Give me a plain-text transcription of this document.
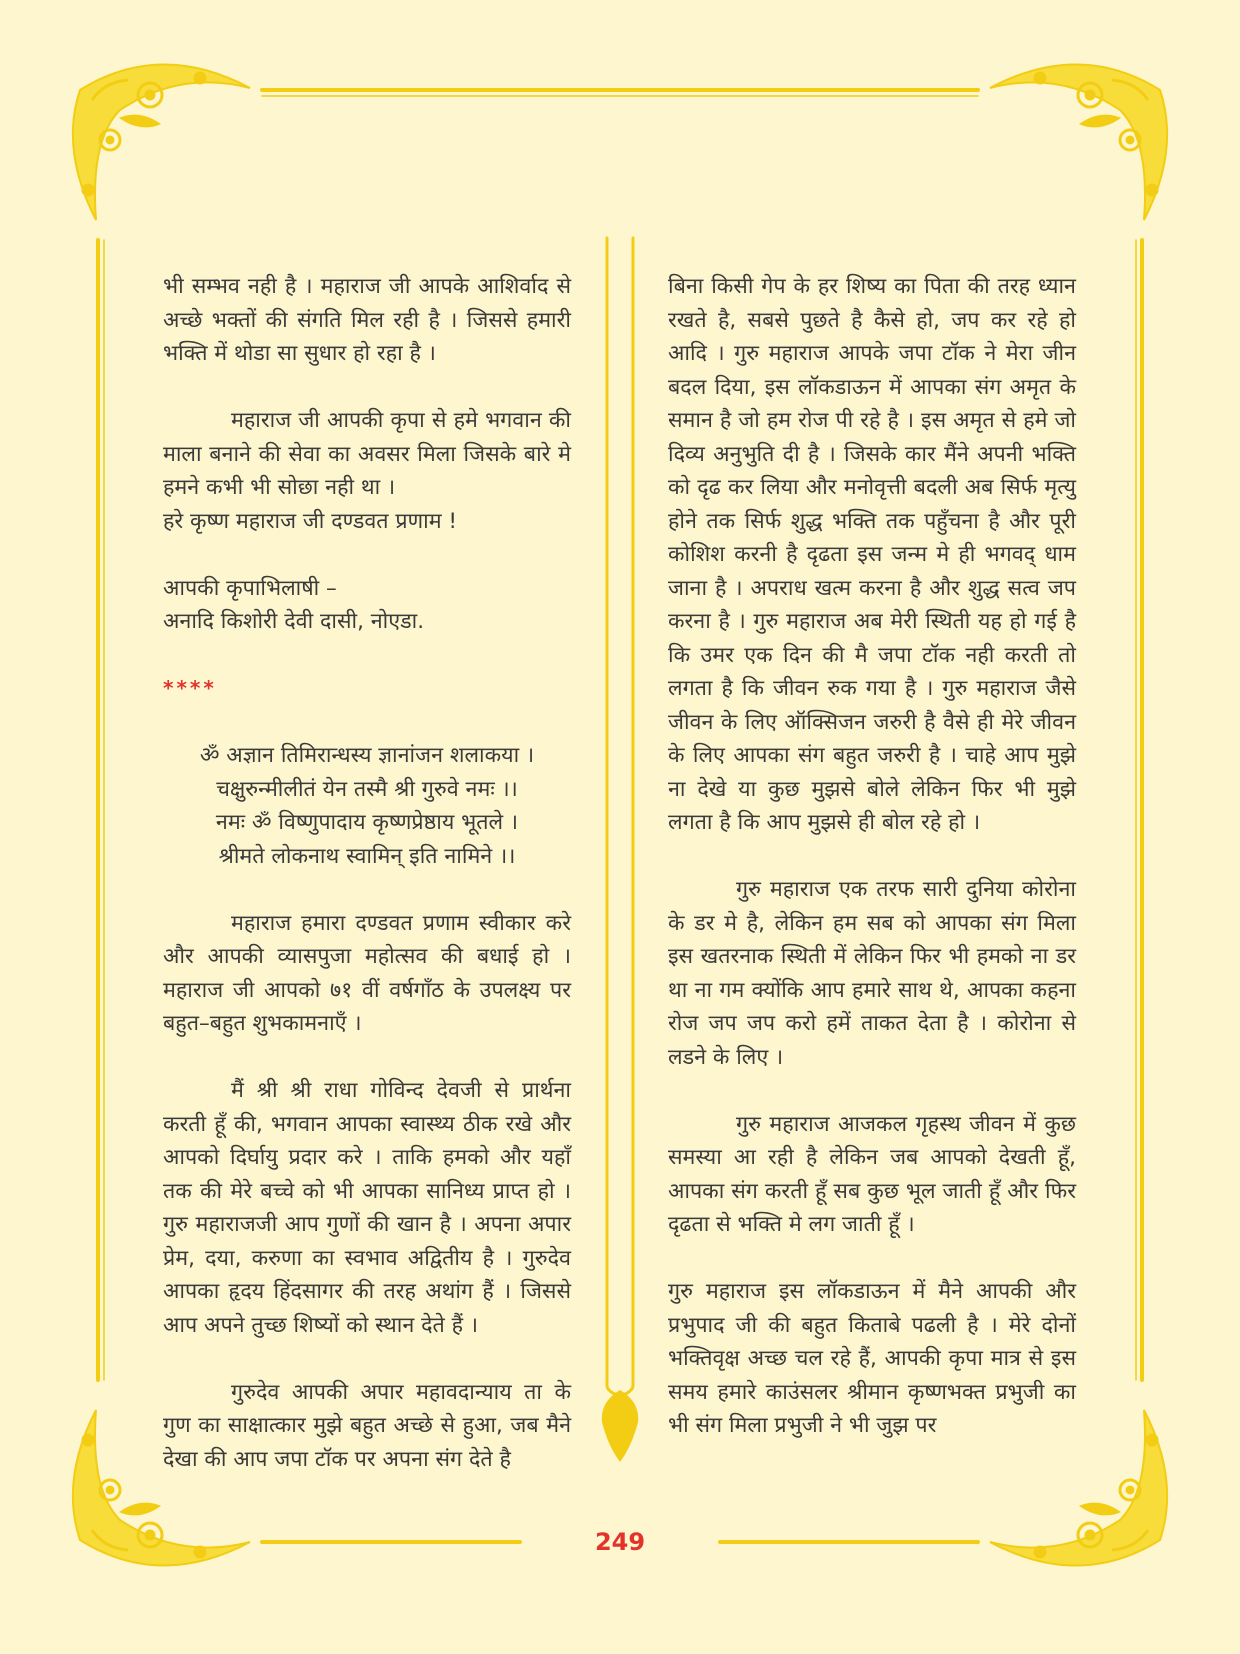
भी सम्भव नही है । महाराज जी आपके आशिर्वाद से अच्छे भक्तों की संगति मिल रही है । जिससे हमारी भक्ति में थोडा सा सुधार हो रहा है ।

महाराज जी आपकी कृपा से हमे भगवान की माला बनाने की सेवा का अवसर मिला जिसके बारे मे हमने कभी भी सोछा नही था ।

हरे कृष्ण महाराज जी दण्डवत प्रणाम !

आपकी कृपाभिलाषी –

अनादि किशोरी देवी दासी, नोएडा.

****

ॐ अज्ञान तिमिरान्धस्य ज्ञानांजन शलाकया ।

चक्षुरुन्मीलीतं येन तस्मै श्री गुरुवे नमः ।।

नमः ॐ विष्णुपादाय कृष्णप्रेष्ठाय भूतले ।

श्रीमते लोकनाथ स्वामिन् इति नामिने ।।

महाराज हमारा दण्डवत प्रणाम स्वीकार करे और आपकी व्यासपुजा महोत्सव की बधाई हो । महाराज जी आपको ७१ वीं वर्षगाँठ के उपलक्ष्य पर बहुत–बहुत शुभकामनाएँ ।

मैं श्री श्री राधा गोविन्द देवजी से प्रार्थना करती हूँ की, भगवान आपका स्वास्थ्य ठीक रखे और आपको दिर्घायु प्रदार करे । ताकि हमको और यहाँ तक की मेरे बच्चे को भी आपका सानिध्य प्राप्त हो । गुरु महाराजजी आप गुणों की खान है । अपना अपार प्रेम, दया, करुणा का स्वभाव अद्वितीय है । गुरुदेव आपका हृदय हिंदसागर की तरह अथांग हैं । जिससे आप अपने तुच्छ शिष्यों को स्थान देते हैं ।

गुरुदेव आपकी अपार महावदान्याय ता के गुण का साक्षात्कार मुझे बहुत अच्छे से हुआ, जब मैने देखा की आप जपा टॉक पर अपना संग देते है

बिना किसी गेप के हर शिष्य का पिता की तरह ध्यान रखते है, सबसे पुछते है कैसे हो, जप कर रहे हो आदि । गुरु महाराज आपके जपा टॉक ने मेरा जीन बदल दिया, इस लॉकडाऊन में आपका संग अमृत के समान है जो हम रोज पी रहे है । इस अमृत से हमे जो दिव्य अनुभुति दी है । जिसके कार मैंने अपनी भक्ति को दृढ कर लिया और मनोवृत्ती बदली अब सिर्फ मृत्यु होने तक सिर्फ शुद्ध भक्ति तक पहुँचना है और पूरी कोशिश करनी है दृढता इस जन्म मे ही भगवद् धाम जाना है । अपराध खत्म करना है और शुद्ध सत्व जप करना है । गुरु महाराज अब मेरी स्थिती यह हो गई है कि उमर एक दिन की मै जपा टॉक नही करती तो लगता है कि जीवन रुक गया है । गुरु महाराज जैसे जीवन के लिए ऑक्सिजन जरुरी है वैसे ही मेरे जीवन के लिए आपका संग बहुत जरुरी है । चाहे आप मुझे ना देखे या कुछ मुझसे बोले लेकिन फिर भी मुझे लगता है कि आप मुझसे ही बोल रहे हो ।

गुरु महाराज एक तरफ सारी दुनिया कोरोना के डर मे है, लेकिन हम सब को आपका संग मिला इस खतरनाक स्थिती में लेकिन फिर भी हमको ना डर था ना गम क्योंकि आप हमारे साथ थे, आपका कहना रोज जप जप करो हमें ताकत देता है । कोरोना से लडने के लिए ।

गुरु महाराज आजकल गृहस्थ जीवन में कुछ समस्या आ रही है लेकिन जब आपको देखती हूँ, आपका संग करती हूँ सब कुछ भूल जाती हूँ और फिर दृढता से भक्ति मे लग जाती हूँ ।

गुरु महाराज इस लॉकडाऊन में मैने आपकी और प्रभुपाद जी की बहुत किताबे पढली है । मेरे दोनों भक्तिवृक्ष अच्छ चल रहे हैं, आपकी कृपा मात्र से इस समय हमारे काउंसलर श्रीमान कृष्णभक्त प्रभुजी का भी संग मिला प्रभुजी ने भी जुझ पर

249
